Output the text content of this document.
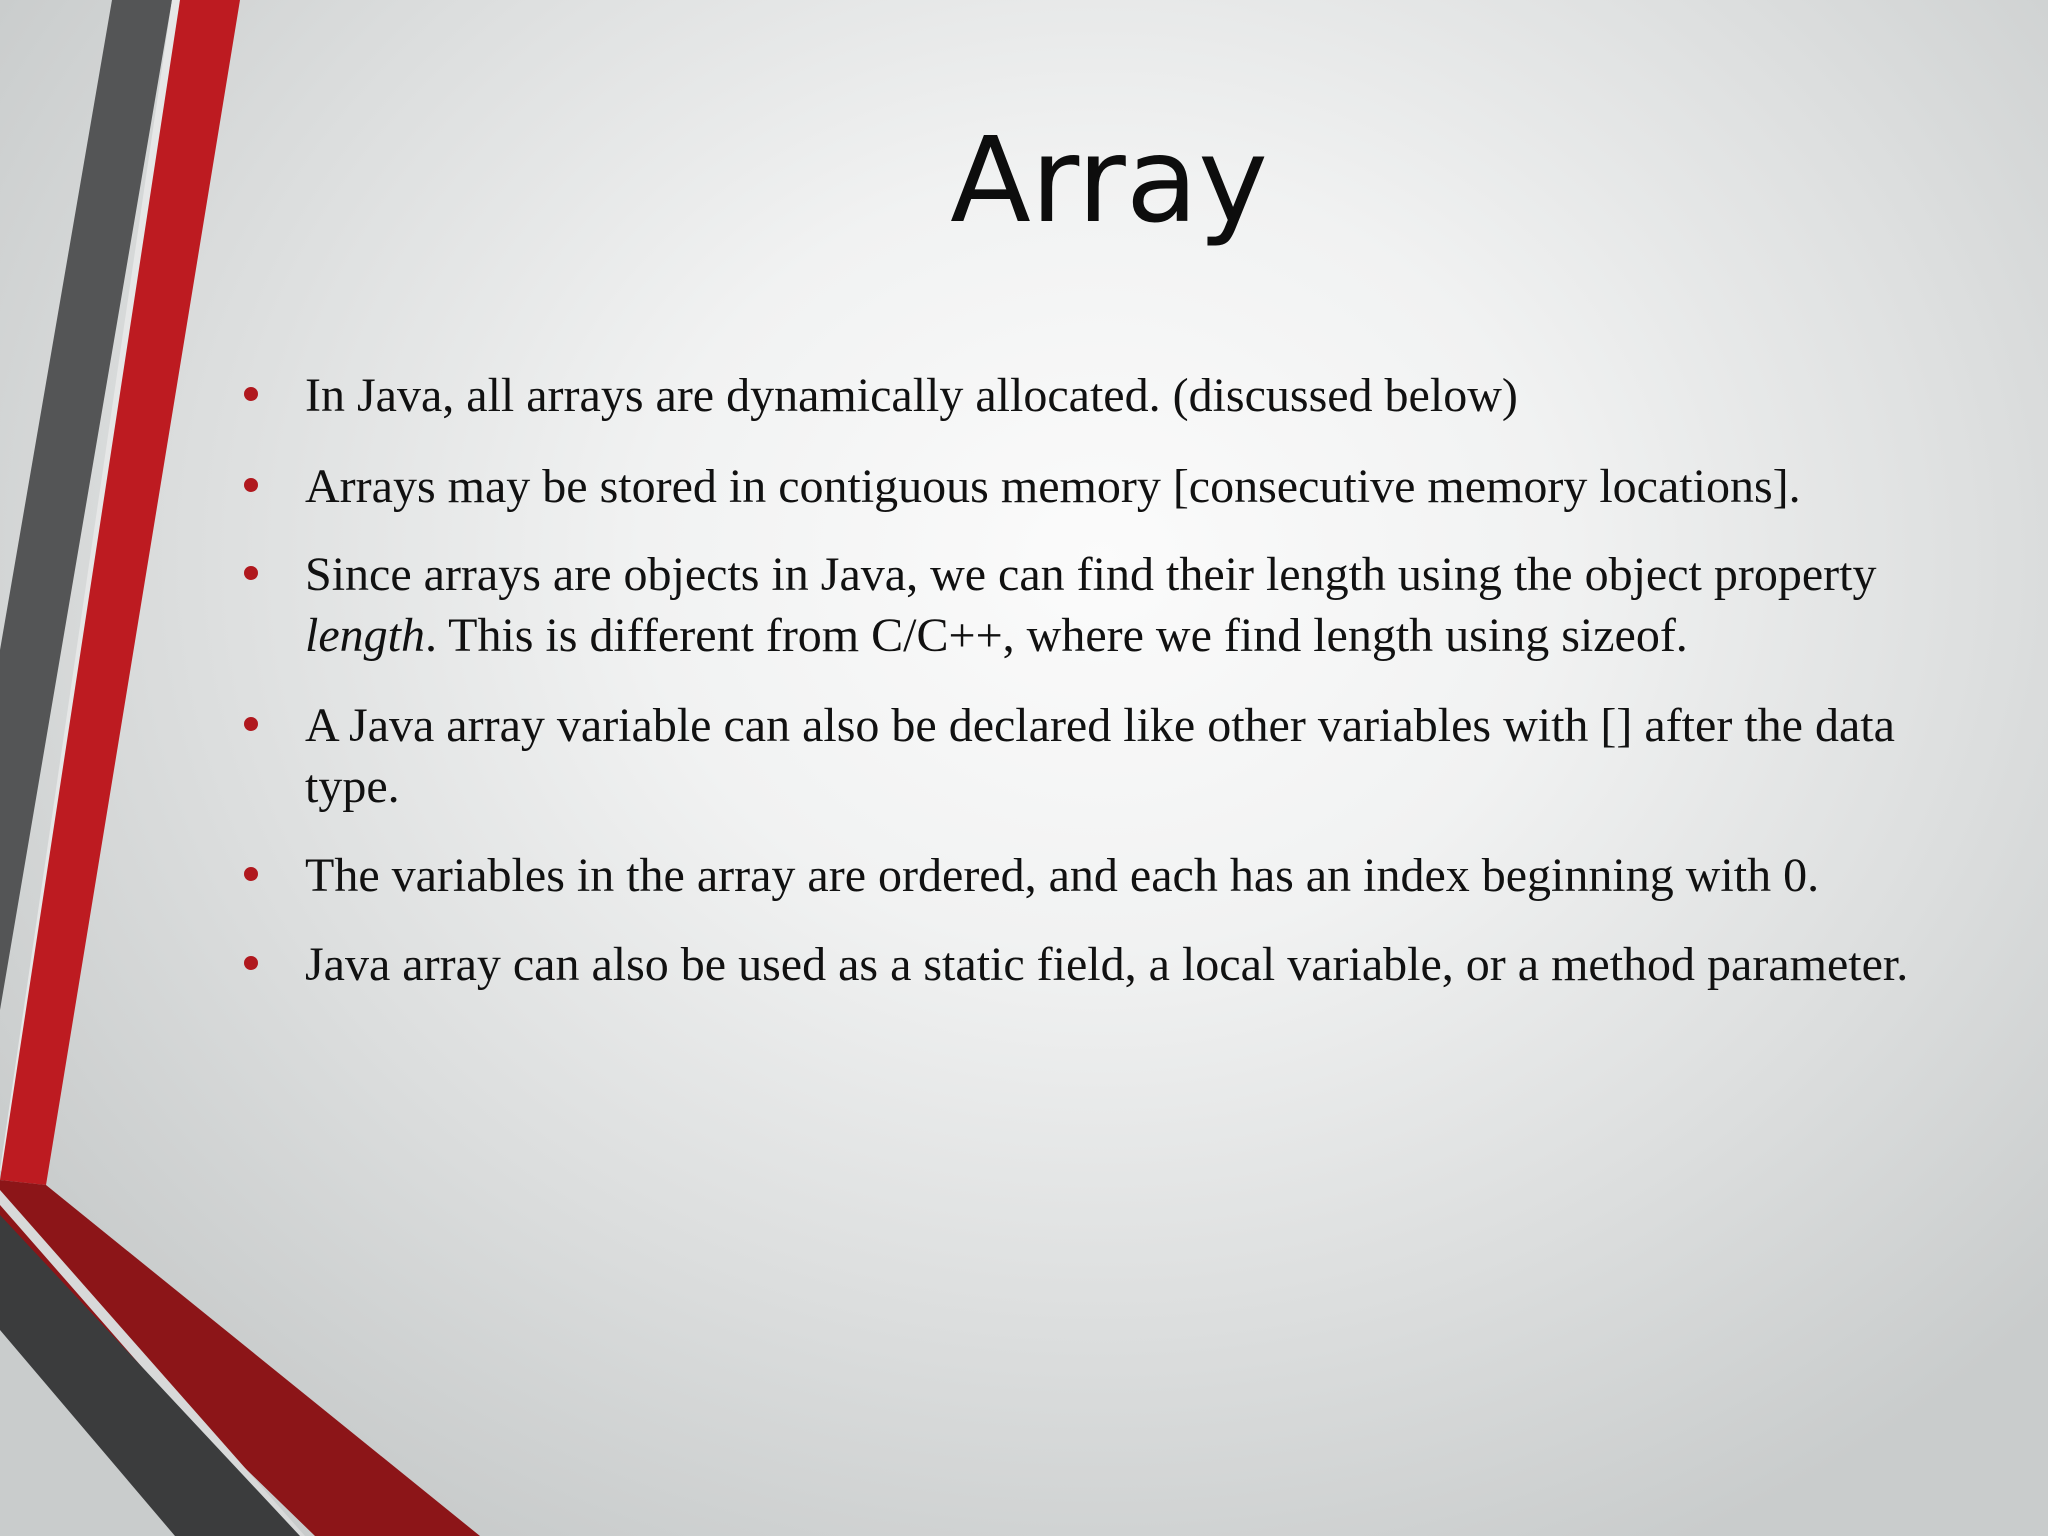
Array
In Java, all arrays are dynamically allocated. (discussed below)
Arrays may be stored in contiguous memory [consecutive memory locations].
Since arrays are objects in Java, we can find their length using the object property length. This is different from C/C++, where we find length using sizeof.
A Java array variable can also be declared like other variables with [] after the data type.
The variables in the array are ordered, and each has an index beginning with 0.
Java array can also be used as a static field, a local variable, or a method parameter.
